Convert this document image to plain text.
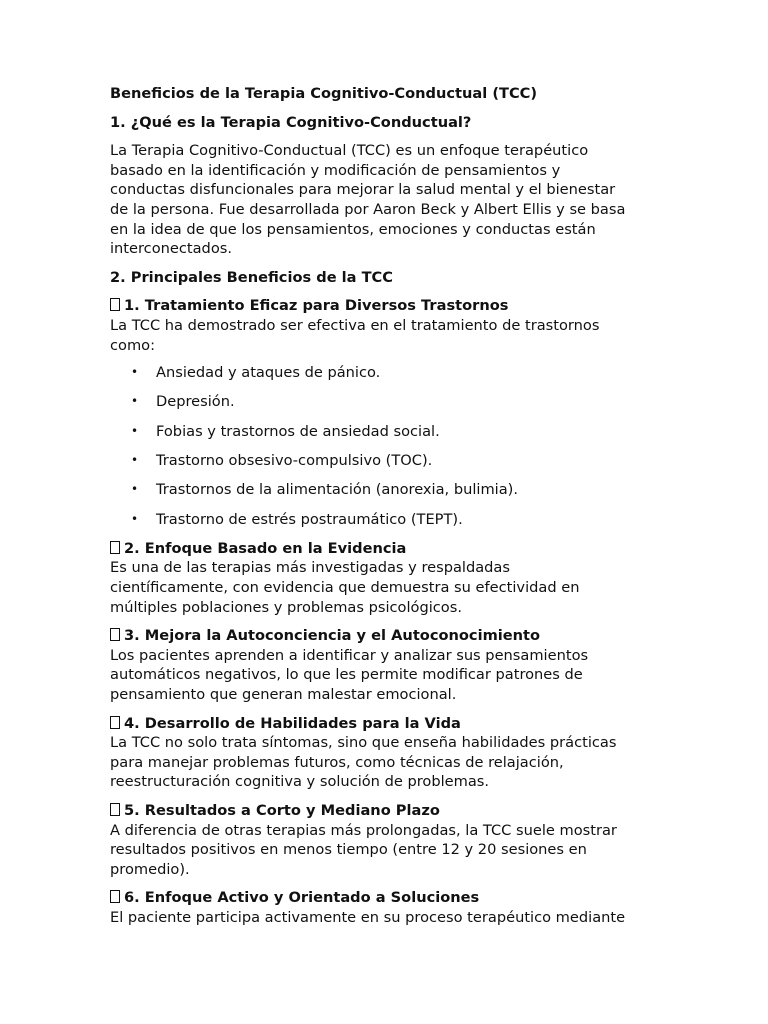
Beneficios de la Terapia Cognitivo-Conductual (TCC)
1. ¿Qué es la Terapia Cognitivo-Conductual?
La Terapia Cognitivo-Conductual (TCC) es un enfoque terapéutico
basado en la identificación y modificación de pensamientos y
conductas disfuncionales para mejorar la salud mental y el bienestar
de la persona. Fue desarrollada por Aaron Beck y Albert Ellis y se basa
en la idea de que los pensamientos, emociones y conductas están
interconectados.
2. Principales Beneficios de la TCC
1. Tratamiento Eficaz para Diversos Trastornos
La TCC ha demostrado ser efectiva en el tratamiento de trastornos
como:
• Ansiedad y ataques de pánico.
• Depresión.
• Fobias y trastornos de ansiedad social.
• Trastorno obsesivo-compulsivo (TOC).
• Trastornos de la alimentación (anorexia, bulimia).
• Trastorno de estrés postraumático (TEPT).
2. Enfoque Basado en la Evidencia
Es una de las terapias más investigadas y respaldadas
científicamente, con evidencia que demuestra su efectividad en
múltiples poblaciones y problemas psicológicos.
3. Mejora la Autoconciencia y el Autoconocimiento
Los pacientes aprenden a identificar y analizar sus pensamientos
automáticos negativos, lo que les permite modificar patrones de
pensamiento que generan malestar emocional.
4. Desarrollo de Habilidades para la Vida
La TCC no solo trata síntomas, sino que enseña habilidades prácticas
para manejar problemas futuros, como técnicas de relajación,
reestructuración cognitiva y solución de problemas.
5. Resultados a Corto y Mediano Plazo
A diferencia de otras terapias más prolongadas, la TCC suele mostrar
resultados positivos en menos tiempo (entre 12 y 20 sesiones en
promedio).
6. Enfoque Activo y Orientado a Soluciones
El paciente participa activamente en su proceso terapéutico mediante
